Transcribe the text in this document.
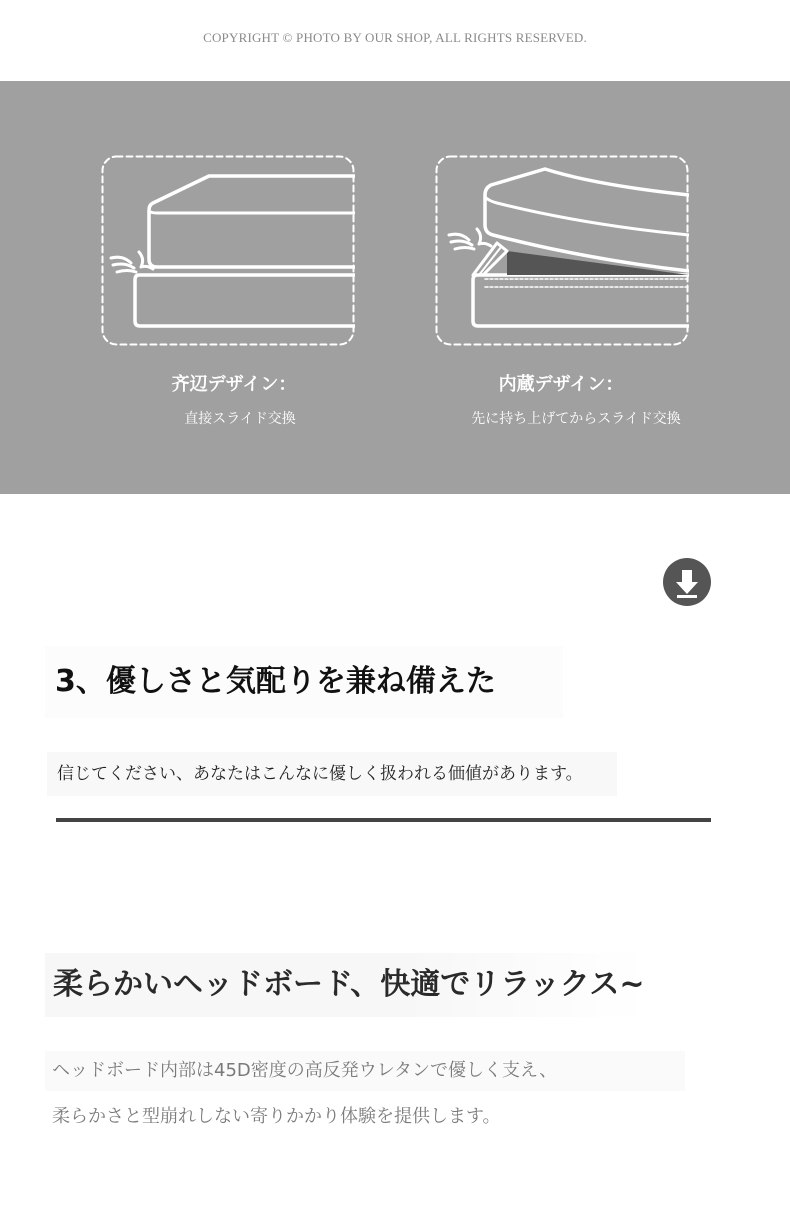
COPYRIGHT © PHOTO BY OUR SHOP, ALL RIGHTS RESERVED.
齐辺デザイン：
直接スライド交換
内蔵デザイン：
先に持ち上げてからスライド交換
3、優しさと気配りを兼ね備えた
信じてください、あなたはこんなに優しく扱われる価値があります。
柔らかいヘッドボード、快適でリラックス~
ヘッドボード内部は45D密度の高反発ウレタンで優しく支え、
柔らかさと型崩れしない寄りかかり体験を提供します。
